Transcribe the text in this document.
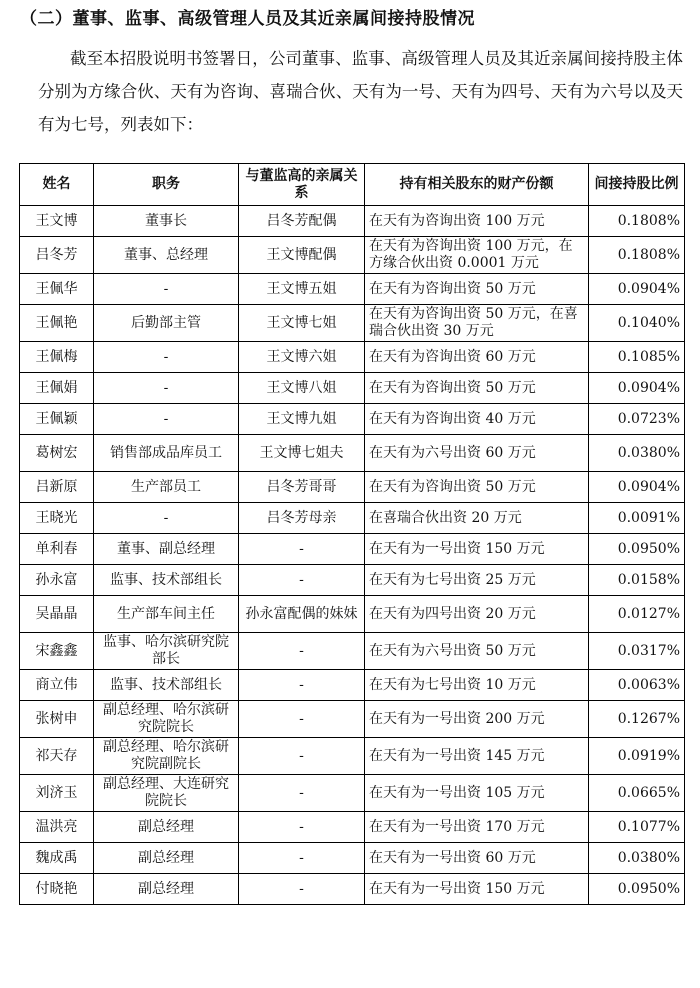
（二）董事、监事、高级管理人员及其近亲属间接持股情况
截至本招股说明书签署日，公司董事、监事、高级管理人员及其近亲属间接持股主体分别为方缘合伙、天有为咨询、喜瑞合伙、天有为一号、天有为四号、天有为六号以及天有为七号，列表如下：
姓名	职务	与董监高的亲属关系	持有相关股东的财产份额	间接持股比例
王文博	董事长	吕冬芳配偶	在天有为咨询出资 100 万元	0.1808%
吕冬芳	董事、总经理	王文博配偶	在天有为咨询出资 100 万元，在方缘合伙出资 0.0001 万元	0.1808%
王佩华	-	王文博五姐	在天有为咨询出资 50 万元	0.0904%
王佩艳	后勤部主管	王文博七姐	在天有为咨询出资 50 万元，在喜瑞合伙出资 30 万元	0.1040%
王佩梅	-	王文博六姐	在天有为咨询出资 60 万元	0.1085%
王佩娟	-	王文博八姐	在天有为咨询出资 50 万元	0.0904%
王佩颖	-	王文博九姐	在天有为咨询出资 40 万元	0.0723%
葛树宏	销售部成品库员工	王文博七姐夫	在天有为六号出资 60 万元	0.0380%
吕新原	生产部员工	吕冬芳哥哥	在天有为咨询出资 50 万元	0.0904%
王晓光	-	吕冬芳母亲	在喜瑞合伙出资 20 万元	0.0091%
单利春	董事、副总经理	-	在天有为一号出资 150 万元	0.0950%
孙永富	监事、技术部组长	-	在天有为七号出资 25 万元	0.0158%
吴晶晶	生产部车间主任	孙永富配偶的妹妹	在天有为四号出资 20 万元	0.0127%
宋鑫鑫	监事、哈尔滨研究院部长	-	在天有为六号出资 50 万元	0.0317%
商立伟	监事、技术部组长	-	在天有为七号出资 10 万元	0.0063%
张树申	副总经理、哈尔滨研究院院长	-	在天有为一号出资 200 万元	0.1267%
祁天存	副总经理、哈尔滨研究院副院长	-	在天有为一号出资 145 万元	0.0919%
刘济玉	副总经理、大连研究院院长	-	在天有为一号出资 105 万元	0.0665%
温洪亮	副总经理	-	在天有为一号出资 170 万元	0.1077%
魏成禹	副总经理	-	在天有为一号出资 60 万元	0.0380%
付晓艳	副总经理	-	在天有为一号出资 150 万元	0.0950%
